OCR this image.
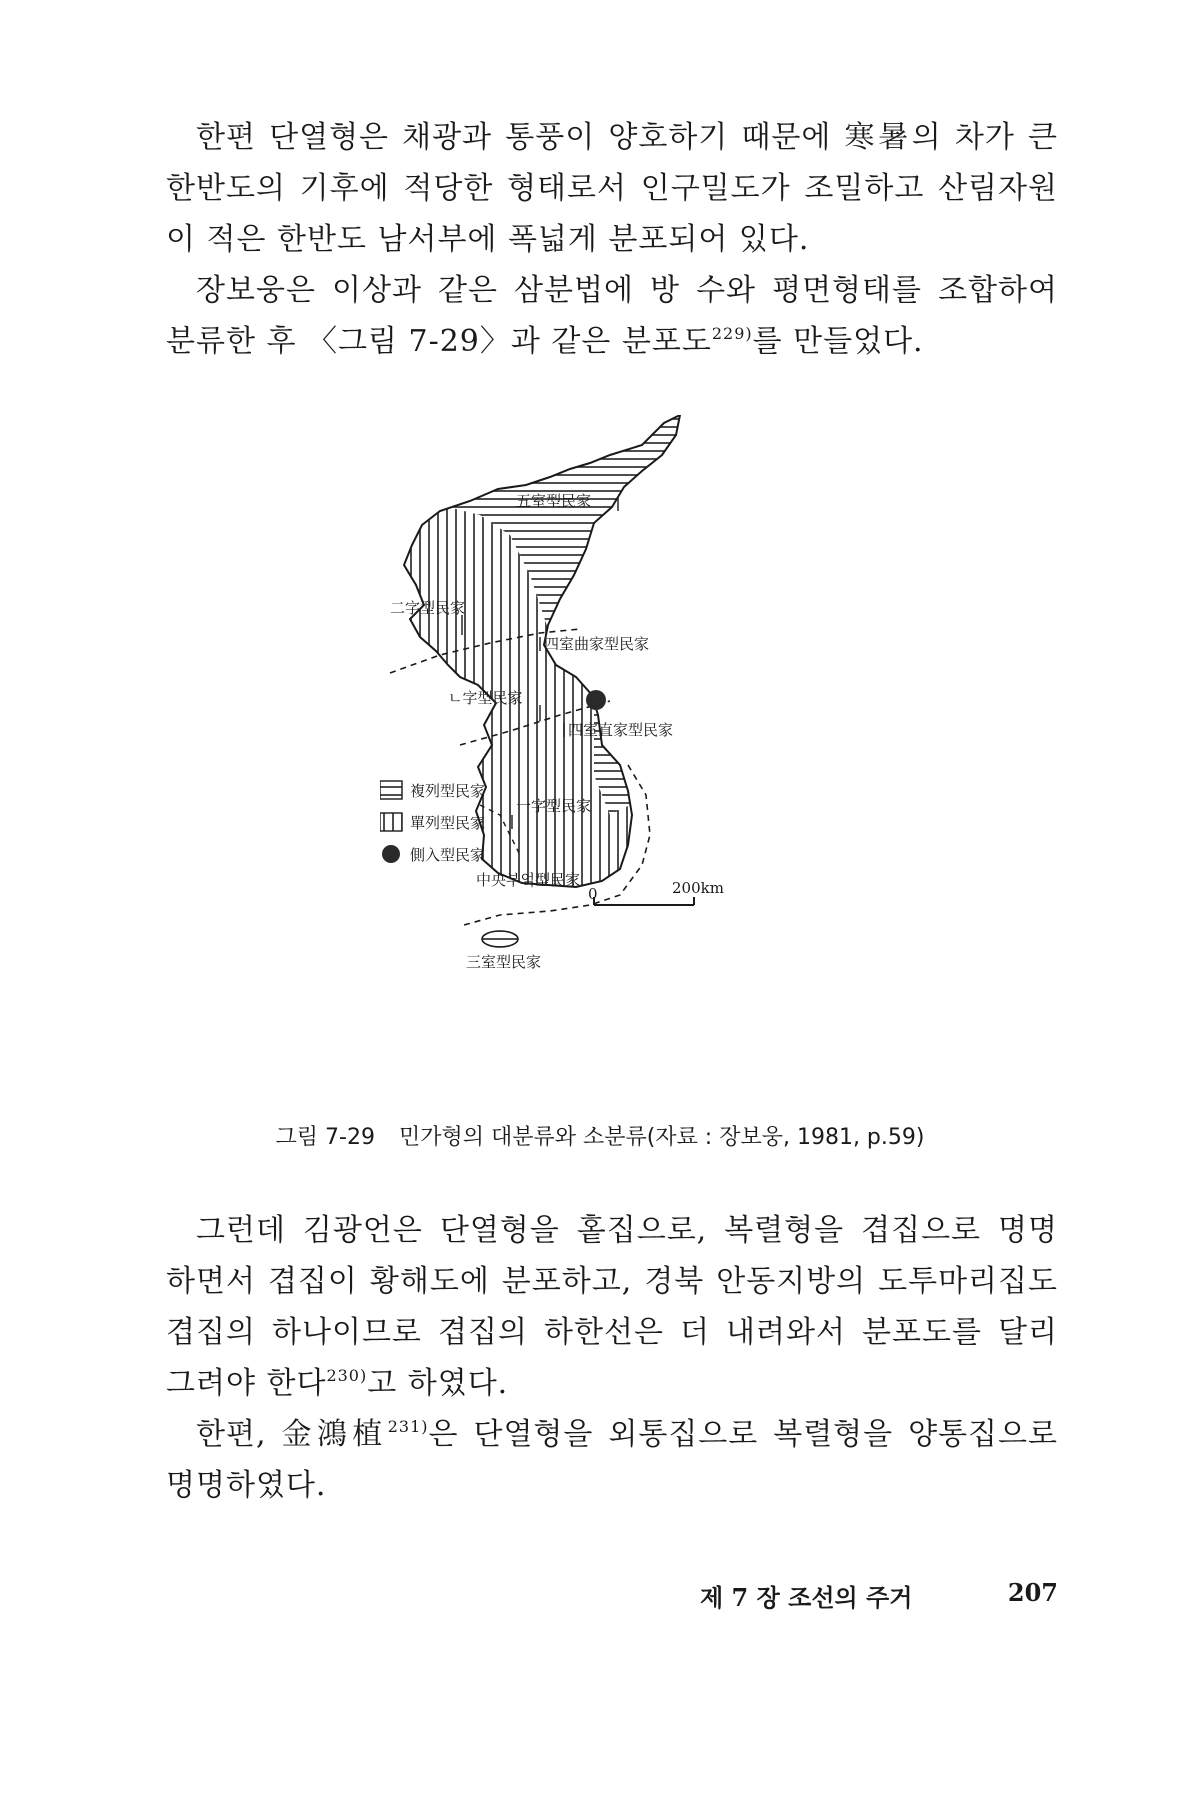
한편 단열형은 채광과 통풍이 양호하기 때문에 寒暑의 차가 큰 한반도의 기후에 적당한 형태로서 인구밀도가 조밀하고 산림자원이 적은 한반도 남서부에 폭넓게 분포되어 있다.

장보웅은 이상과 같은 삼분법에 방 수와 평면형태를 조합하여 분류한 후 〈그림 7-29〉과 같은 분포도$^{229)}$를 만들었다.

五室型民家
二字型民家
四室曲家型民家
ㄴ字型民家
四室直家型民家
一字型民家
中央부엌型民家
三室型民家
複列型民家
單列型民家
側入型民家
0	200km
그림 7-29 민가형의 대분류와 소분류(자료 : 장보웅, 1981, p.59)

그런데 김광언은 단열형을 홑집으로, 복렬형을 겹집으로 명명 하면서 겹집이 황해도에 분포하고, 경북 안동지방의 도투마리집도 겹집의 하나이므로 겹집의 하한선은 더 내려와서 분포도를 달리 그려야 한다$^{230)}$고 하였다.

한편, 金鴻植$^{231)}$은 단열형을 외통집으로 복렬형을 양통집으로 명명하였다.

제 7 장 조선의 주거	207
